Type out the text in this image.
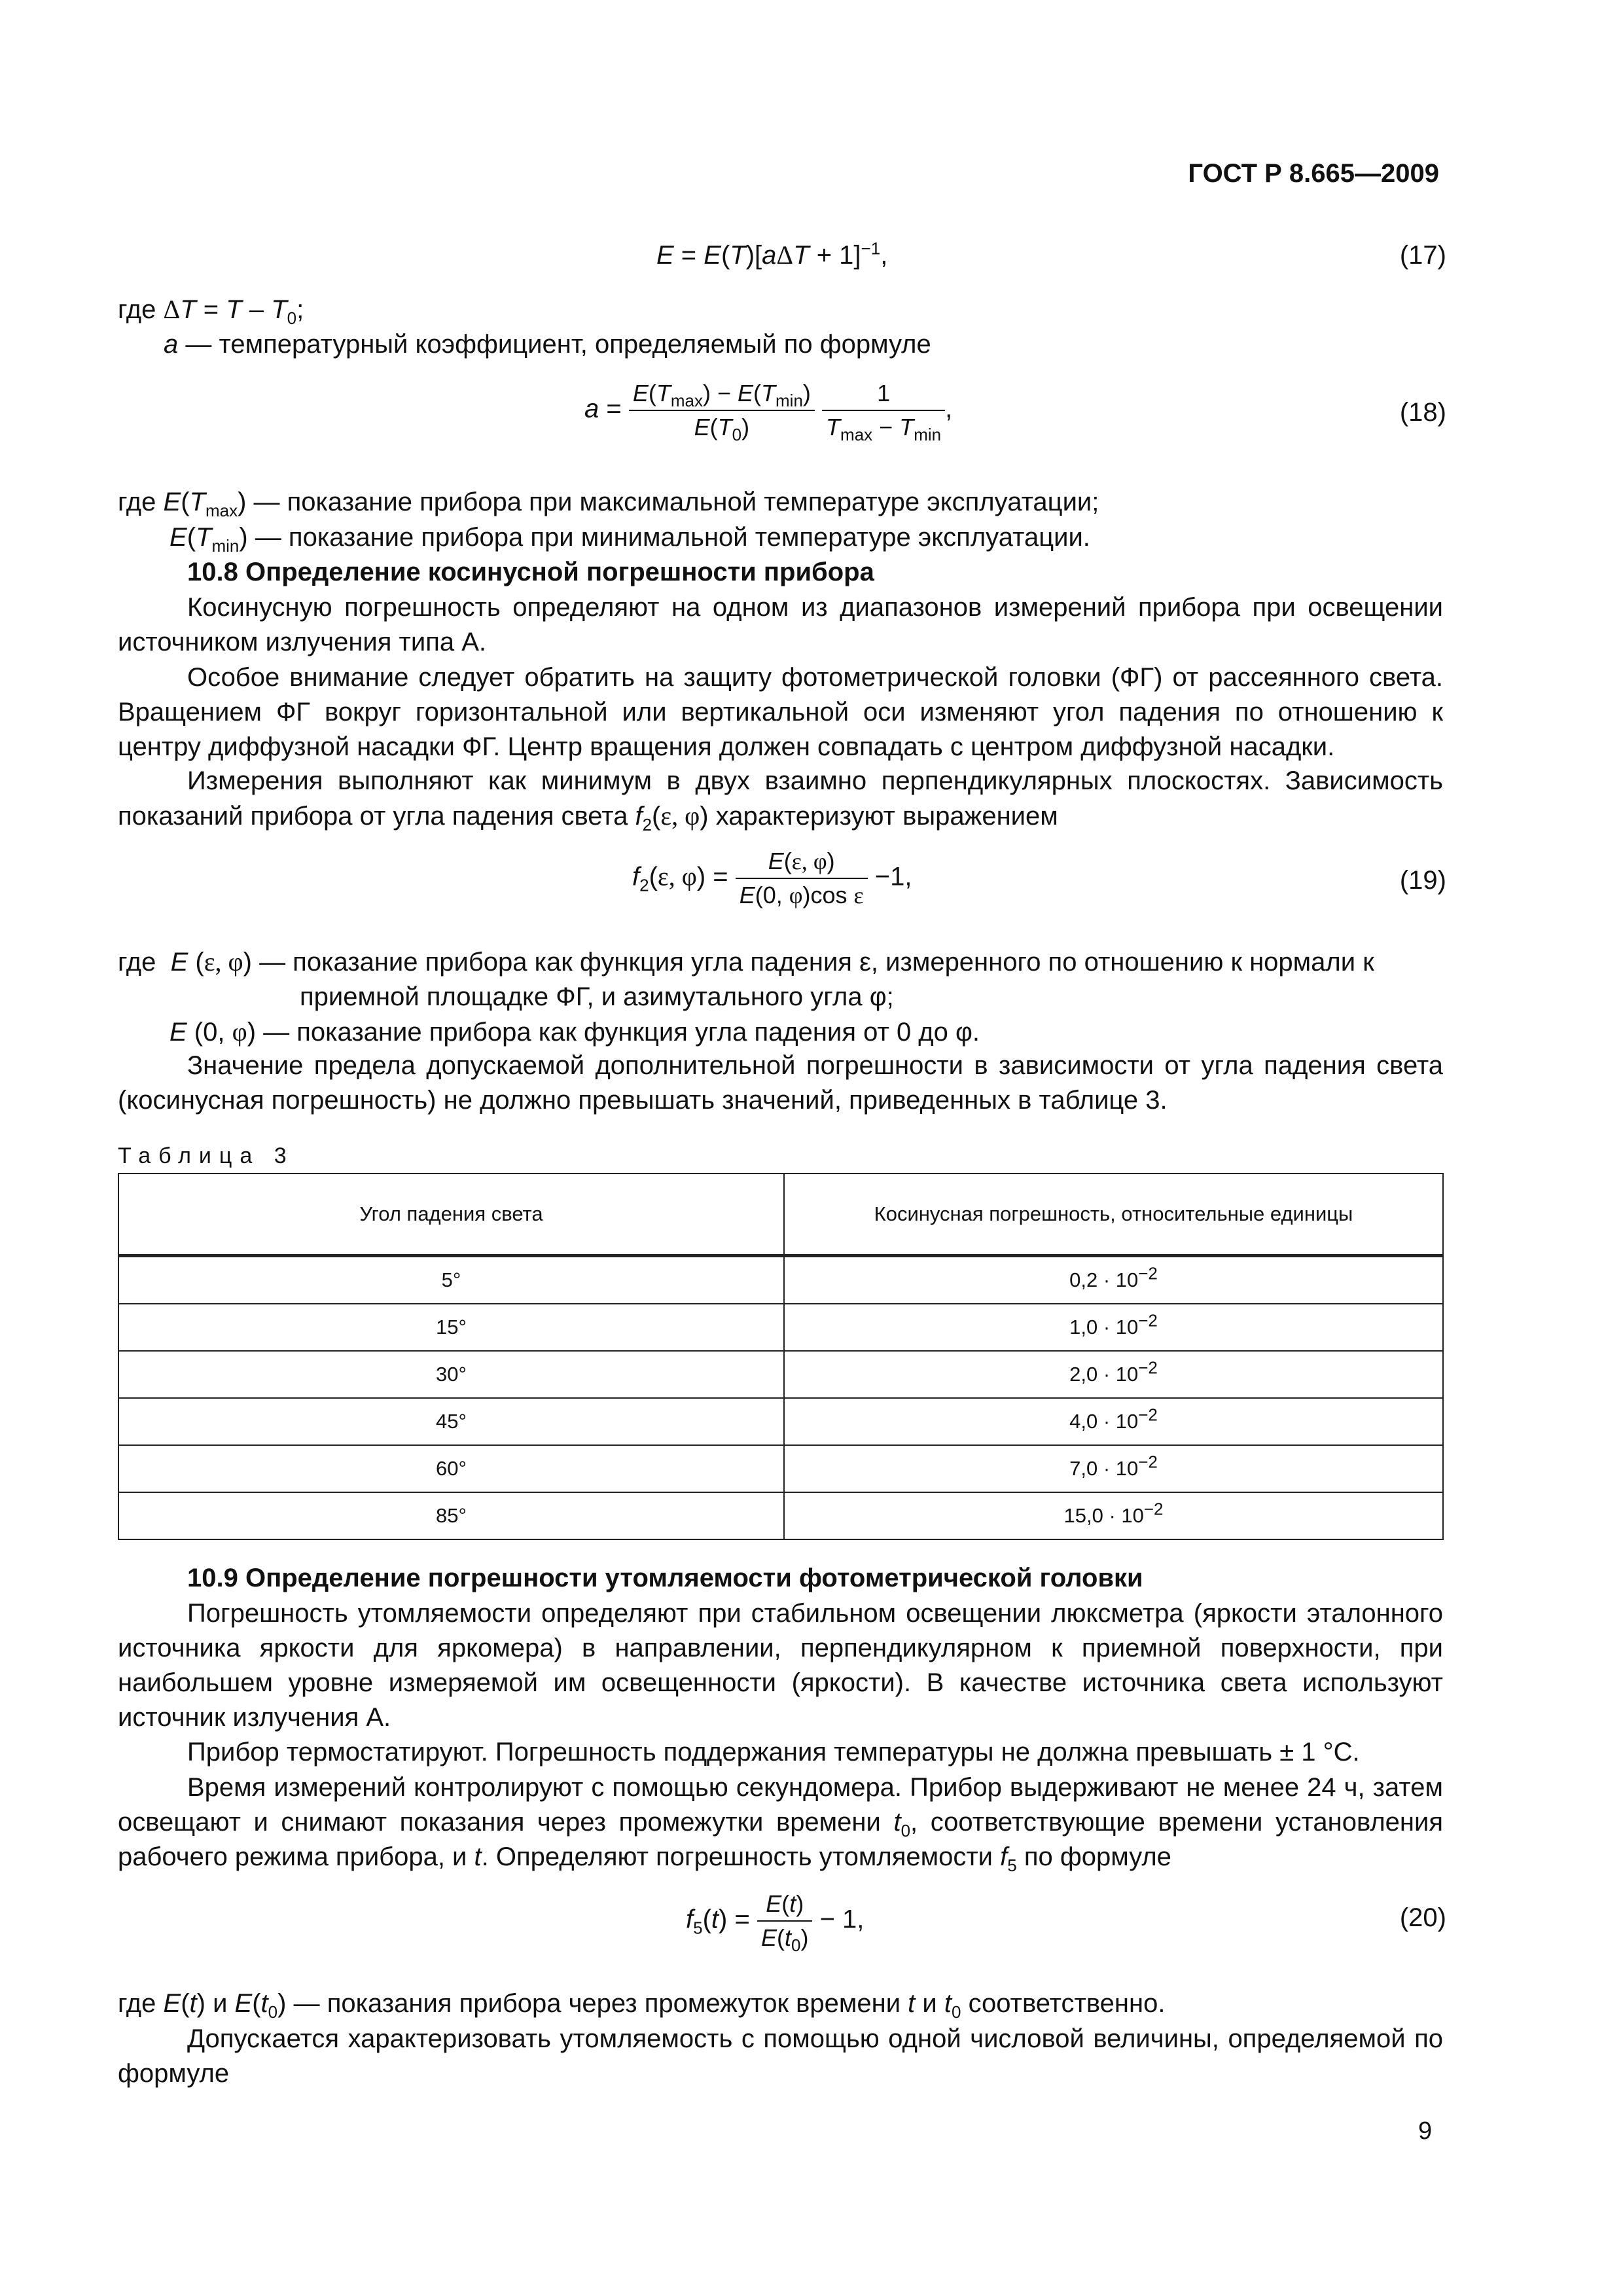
ГОСТ Р 8.665—2009
$E = E(T)[a\Delta T + 1]^{-1}$,	(17)
где $\Delta T = T - T_0$;
a — температурный коэффициент, определяемый по формуле
$a = \frac{E(T_{max}) - E(T_{min})}{E(T_0)}$
$\frac{1}{T_{max} - T_{min}}$ ,	(18)
где $E(T_{max})$ — показание прибора при максимальной температуре эксплуатации;
$E(T_{min})$ — показание прибора при минимальной температуре эксплуатации.
10.8 Определение косинусной погрешности прибора
Косинусную погрешность определяют на одном из диапазонов измерений прибора при освещении источником излучения типа А.
Особое внимание следует обратить на защиту фотометрической головки (ФГ) от рассеянного света. Вращением ФГ вокруг горизонтальной или вертикальной оси изменяют угол падения по отношению к центру диффузной насадки ФГ. Центр вращения должен совпадать с центром диффузной насадки.
Измерения выполняют как минимум в двух взаимно перпендикулярных плоскостях. Зависимость показаний прибора от угла падения света $f_2(\varepsilon$, φ) характеризуют выражением
$f_2(\varepsilon$, $\varphi) = \frac{E(\varepsilon, \varphi)}{\text{E(0, φ)cos ε}} -1$,	(19)
где  E (ε, φ) — показание прибора как функция угла падения ε, измеренного по отношению к нормали к
приемной площадке ФГ, и азимутального угла φ;
E (0, φ) — показание прибора как функция угла падения от 0 до φ.
Значение предела допускаемой дополнительной погрешности в зависимости от угла падения света (косинусная погрешность) не должно превышать значений, приведенных в таблице 3.
Таблица 3
Угол падения света	Косинусная погрешность, относительные единицы
5°	$0,2 \cdot 10^{-2}$
15°	$1,0 \cdot 10^{-2}$
30°	$2,0 \cdot 10^{-2}$
45°	$4,0 \cdot 10^{-2}$
60°	$7,0 \cdot 10^{-2}$
85°	$15,0 \cdot 10^{-2}$
10.9 Определение погрешности утомляемости фотометрической головки
Погрешность утомляемости определяют при стабильном освещении люксметра (яркости эталонного источника яркости для яркомера) в направлении, перпендикулярном к приемной поверхности, при наибольшем уровне измеряемой им освещенности (яркости). В качестве источника света используют источник излучения А.
Прибор термостатируют. Погрешность поддержания температуры не должна превышать ± 1 °С.
Время измерений контролируют с помощью секундомера. Прибор выдерживают не менее 24 ч, затем освещают и снимают показания через промежутки времени $t_0$, соответствующие времени установления рабочего режима прибора, и t. Определяют погрешность утомляемости $f_5$ по формуле
$f_5(t) = \frac{E(t)}{E(t_0)} - 1$,	(20)
где E(t) и $E(t_0)$ — показания прибора через промежуток времени t и $t_0$ соответственно.
Допускается характеризовать утомляемость с помощью одной числовой величины, определяемой по формуле
9
